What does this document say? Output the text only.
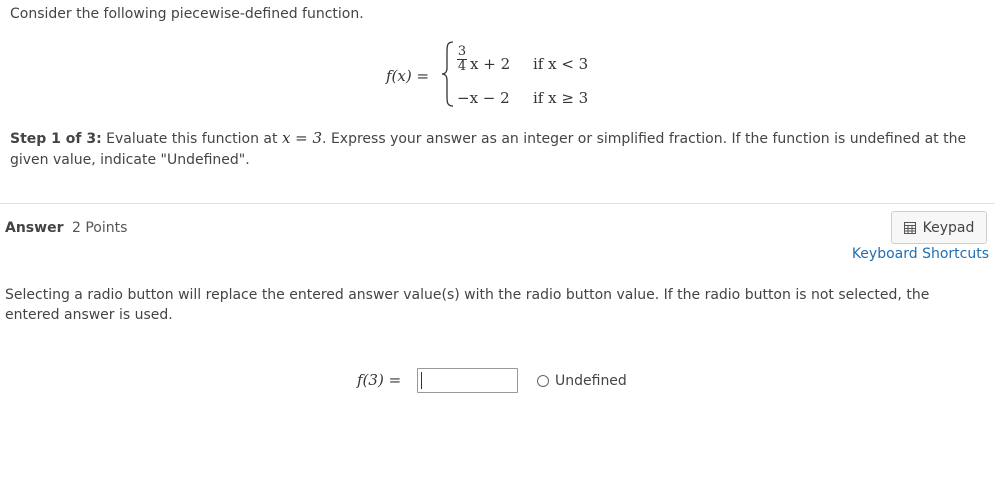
Consider the following piecewise-defined function.
f(x) =
3
4 x + 2 if x < 3
−x − 2 if x ≥ 3
Step 1 of 3: Evaluate this function at x = 3. Express your answer as an integer or simplified fraction. If the function is undefined at the given value, indicate "Undefined".
Answer 2 Points	Keypad
Keyboard Shortcuts
Selecting a radio button will replace the entered answer value(s) with the radio button value. If the radio button is not selected, the entered answer is used.
f(3) =	Undefined
